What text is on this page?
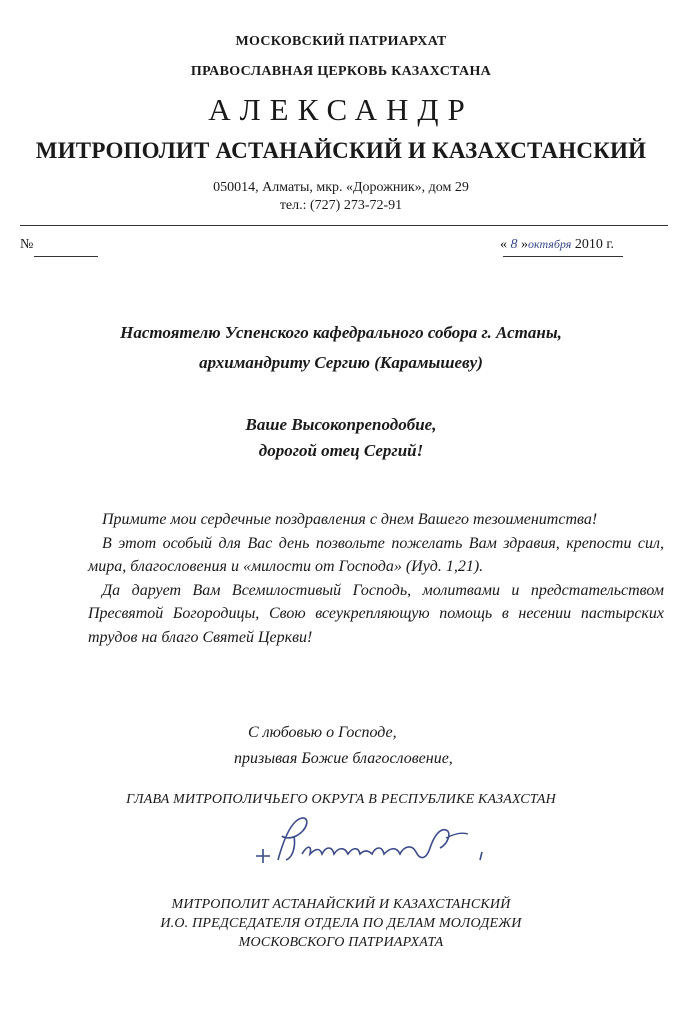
МОСКОВСКИЙ ПАТРИАРХАТ
ПРАВОСЛАВНАЯ ЦЕРКОВЬ КАЗАХСТАНА
АЛЕКСАНДР
МИТРОПОЛИТ АСТАНАЙСКИЙ И КАЗАХСТАНСКИЙ
050014, Алматы, мкр. «Дорожник», дом 29
тел.: (727) 273-72-91
№	« 8 »октября 2010 г.
Настоятелю Успенского кафедрального собора г. Астаны,
архимандриту Сергию (Карамышеву)
Ваше Высокопреподобие,
дорогой отец Сергий!

Примите мои сердечные поздравления с днем Вашего тезоименитства!

В этот особый для Вас день позвольте пожелать Вам здравия, крепости сил, мира, благословения и «милости от Господа» (Иуд. 1,21).

Да дарует Вам Всемилостивый Господь, молитвами и предстательством Пресвятой Богородицы, Свою всеукрепляющую помощь в несении пастырских трудов на благо Святей Церкви!

С любовью о Господе,
призывая Божие благословение,
ГЛАВА МИТРОПОЛИЧЬЕГО ОКРУГА В РЕСПУБЛИКЕ КАЗАХСТАН
МИТРОПОЛИТ АСТАНАЙСКИЙ И КАЗАХСТАНСКИЙ
И.О. ПРЕДСЕДАТЕЛЯ ОТДЕЛА ПО ДЕЛАМ МОЛОДЕЖИ
МОСКОВСКОГО ПАТРИАРХАТА
